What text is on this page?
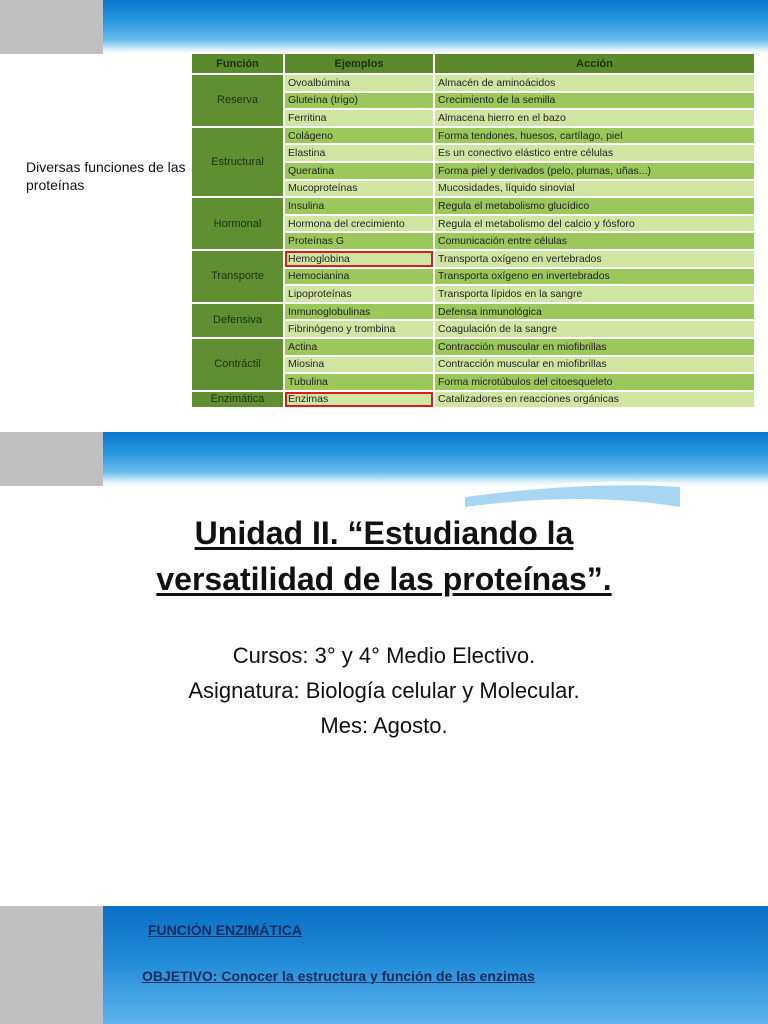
Diversas funciones de las proteínas
Función	Ejemplos	Acción
Reserva	Ovoalbúmina	Almacén de aminoácidos
	Gluteína (trigo)	Crecimiento de la semilla
	Ferritina	Almacena hierro en el bazo
Estructural	Colágeno	Forma tendones, huesos, cartílago, piel
	Elastina	Es un conectivo elástico entre células
	Queratina	Forma piel y derivados (pelo, plumas, uñas...)
	Mucoproteínas	Mucosidades, líquido sinovial
Hormonal	Insulina	Regula el metabolismo glucídico
	Hormona del crecimiento	Regula el metabolismo del calcio y fósforo
	Proteínas G	Comunicación entre células
Transporte	Hemoglobina	Transporta oxígeno en vertebrados
	Hemocianina	Transporta oxígeno en invertebrados
	Lipoproteínas	Transporta lípidos en la sangre
Defensiva	Inmunoglobulinas	Defensa inmunológica
	Fibrinógeno y trombina	Coagulación de la sangre
Contráctil	Actina	Contracción muscular en miofibrillas
	Miosina	Contracción muscular en miofibrillas
	Tubulina	Forma microtúbulos del citoesqueleto
Enzimática	Enzimas	Catalizadores en reacciones orgánicas
Unidad II. “Estudiando la
versatilidad de las proteínas”.
Cursos: 3° y 4° Medio Electivo.
Asignatura: Biología celular y Molecular.
Mes: Agosto.
FUNCIÓN ENZIMÁTICA
OBJETIVO: Conocer la estructura y función de las enzimas
